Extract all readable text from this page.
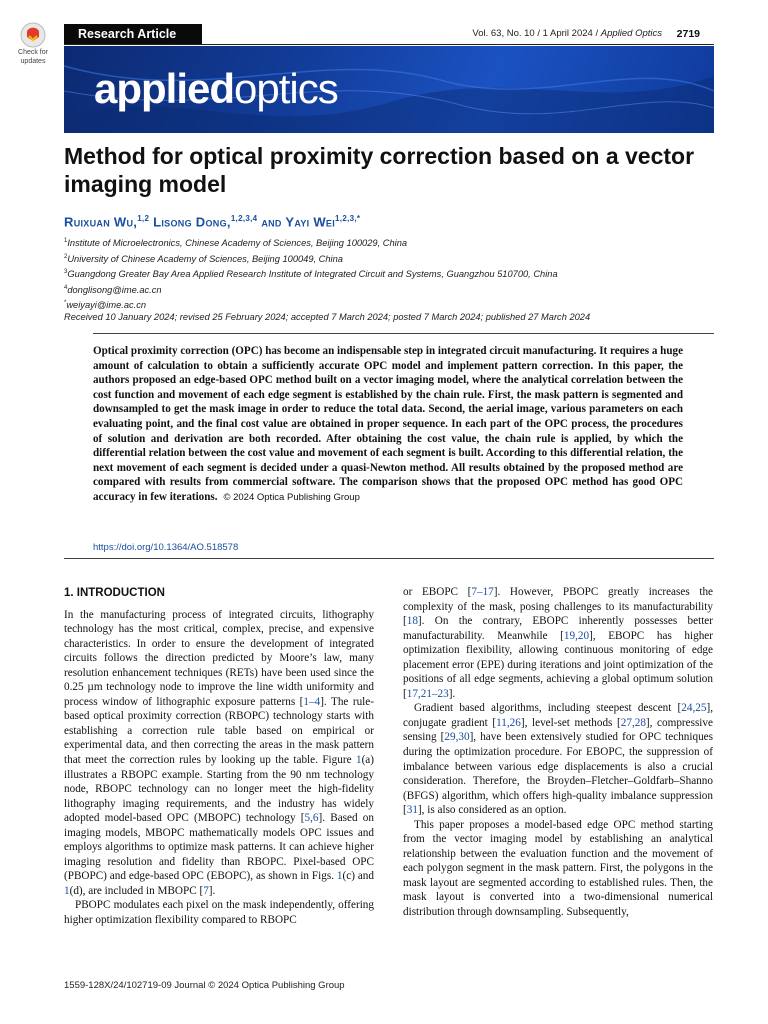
Check for
updates
Research Article	Vol. 63, No. 10 / 1 April 2024 / Applied Optics 2719
appliedoptics
Method for optical proximity correction based on a vector imaging model
Ruixuan Wu,$^{1,2}$ Lisong Dong,$^{1,2,3,4}$ and Yayi Wei$^{1,2,3,*}$
$^1$Institute of Microelectronics, Chinese Academy of Sciences, Beijing 100029, China
$^2$University of Chinese Academy of Sciences, Beijing 100049, China
$^3$Guangdong Greater Bay Area Applied Research Institute of Integrated Circuit and Systems, Guangzhou 510700, China
$^4$donglisong@ime.ac.cn
*weiyayi@ime.ac.cn
Received 10 January 2024; revised 25 February 2024; accepted 7 March 2024; posted 7 March 2024; published 27 March 2024
Optical proximity correction (OPC) has become an indispensable step in integrated circuit manufacturing. It requires a huge amount of calculation to obtain a sufficiently accurate OPC model and implement pattern correction. In this paper, the authors proposed an edge-based OPC method built on a vector imaging model, where the analytical correlation between the cost function and movement of each edge segment is established by the chain rule. First, the mask pattern is segmented and downsampled to get the mask image in order to reduce the total data. Second, the aerial image, various parameters on each evaluating point, and the final cost value are obtained in proper sequence. In each part of the OPC process, the procedures of solution and derivation are both recorded. After obtaining the cost value, the chain rule is applied, by which the differential relation between the cost value and movement of each segment is built. According to this differential relation, the next movement of each segment is decided under a quasi-Newton method. All results obtained by the proposed method are compared with results from commercial software. The comparison shows that the proposed OPC method has good OPC accuracy in few iterations. © 2024 Optica Publishing Group
https://doi.org/10.1364/AO.518578
1. INTRODUCTION

In the manufacturing process of integrated circuits, lithography technology has the most critical, complex, precise, and expensive characteristics. In order to ensure the development of integrated circuits follows the direction predicted by Moore’s law, many resolution enhancement techniques (RETs) have been used since the 0.25 µm technology node to improve the line width uniformity and process window of lithographic exposure patterns [1–4]. The rule-based optical proximity correction (RBOPC) technology starts with establishing a correction rule table based on empirical or experimental data, and then correcting the areas in the mask pattern that meet the correction rules by looking up the table. Figure 1(a) illustrates a RBOPC example. Starting from the 90 nm technology node, RBOPC technology can no longer meet the high-fidelity lithography imaging requirements, and the industry has widely adopted model-based OPC (MBOPC) technology [5,6]. Based on imaging models, MBOPC mathematically models OPC issues and employs algorithms to optimize mask patterns. It can achieve higher imaging resolution and fidelity than RBOPC. Pixel-based OPC (PBOPC) and edge-based OPC (EBOPC), as shown in Figs. 1(c) and 1(d), are included in MBOPC [7].

PBOPC modulates each pixel on the mask independently, offering higher optimization flexibility compared to RBOPC

or EBOPC [7–17]. However, PBOPC greatly increases the complexity of the mask, posing challenges to its manufacturability [18]. On the contrary, EBOPC inherently possesses better manufacturability. Meanwhile [19,20], EBOPC has higher optimization flexibility, allowing continuous monitoring of edge placement error (EPE) during iterations and joint optimization of the positions of all edge segments, achieving a global optimum solution [17,21–23].

Gradient based algorithms, including steepest descent [24,25], conjugate gradient [11,26], level-set methods [27,28], compressive sensing [29,30], have been extensively studied for OPC techniques during the optimization procedure. For EBOPC, the suppression of imbalance between various edge displacements is also a crucial consideration. Therefore, the Broyden–Fletcher–Goldfarb–Shanno (BFGS) algorithm, which offers high-quality imbalance suppression [31], is also considered as an option.

This paper proposes a model-based edge OPC method starting from the vector imaging model by establishing an analytical relationship between the evaluation function and the movement of each polygon segment in the mask pattern. First, the polygons in the mask layout are segmented according to established rules. Then, the mask layout is converted into a two-dimensional numerical distribution through downsampling. Subsequently,

1559-128X/24/102719-09 Journal © 2024 Optica Publishing Group
